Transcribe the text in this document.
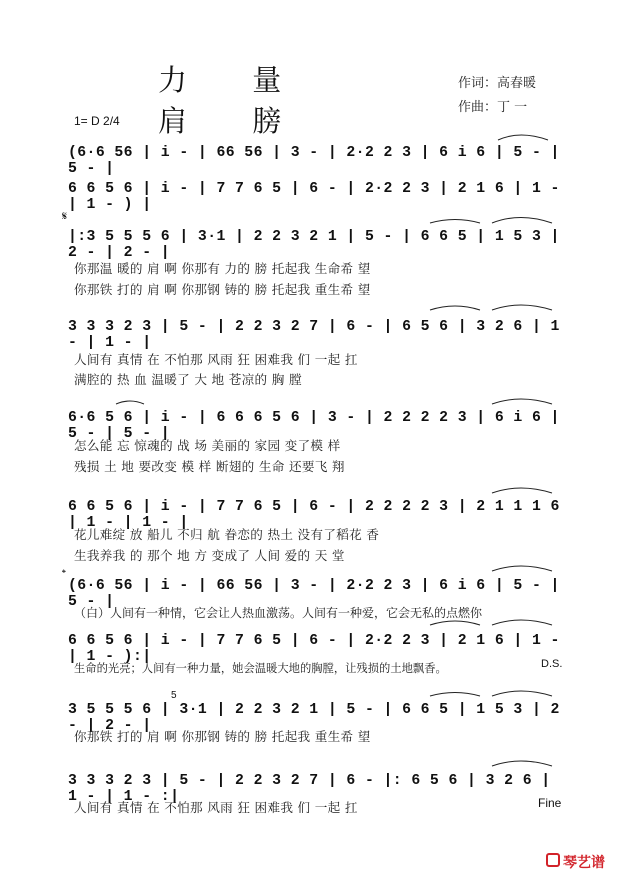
力 量 肩 膀
作词：高春暖
作曲：丁 一
1= D 2/4
(6·6 56 | i - | 66 56 | 3 - | 2·2 2 3 | 6 i 6 | 5 - | 5 - |
6 6 5 6 | i - | 7 7 6 5 | 6 - | 2·2 2 3 | 2 1 6 | 1 - | 1 - ) |
𝄋
|:3 5 5 5 6 | 3·1 | 2 2 3 2 1 | 5 - | 6 6 5 | 1 5 3 | 2 - | 2 - |
你那温 暖的 肩 啊 你那有 力的 膀 托起我 生命希 望
你那铁 打的 肩 啊 你那钢 铸的 膀 托起我 重生希 望
3 3 3 2 3 | 5 - | 2 2 3 2 7 | 6 - | 6 5 6 | 3 2 6 | 1 - | 1 - |
人间有 真情 在 不怕那 风雨 狂 困难我 们 一起 扛
满腔的 热 血 温暖了 大 地 苍凉的 胸 膛
6·6 5 6 | i - | 6 6 6 5 6 | 3 - | 2 2 2 2 3 | 6 i 6 | 5 - | 5 - |
怎么能 忘 惊魂的 战 场 美丽的 家园 变了模 样
残损 土 地 要改变 模 样 断翅的 生命 还要飞 翔
6 6 5 6 | i - | 7 7 6 5 | 6 - | 2 2 2 2 3 | 2 1 1 1 6 | 1 - | 1 - |
花儿难绽 放 船儿 不归 航 眷恋的 热土 没有了稻花 香
生我养我 的 那个 地 方 变成了 人间 爱的 天 堂
𝄌
(6·6 56 | i - | 66 56 | 3 - | 2·2 2 3 | 6 i 6 | 5 - | 5 - |
（白）人间有一种情，它会让人热血激荡。人间有一种爱，它会无私的点燃你
6 6 5 6 | i - | 7 7 6 5 | 6 - | 2·2 2 3 | 2 1 6 | 1 - | 1 - ):|
生命的光亮；人间有一种力量，她会温暖大地的胸膛，让残损的土地飘香。	D.S.
5
3 5 5 5 6 | 3·1 | 2 2 3 2 1 | 5 - | 6 6 5 | 1 5 3 | 2 - | 2 - |
你那铁 打的 肩 啊 你那钢 铸的 膀 托起我 重生希 望
3 3 3 2 3 | 5 - | 2 2 3 2 7 | 6 - |: 6 5 6 | 3 2 6 | 1 - | 1 - :|
人间有 真情 在 不怕那 风雨 狂 困难我 们 一起 扛	Fine
琴艺谱
